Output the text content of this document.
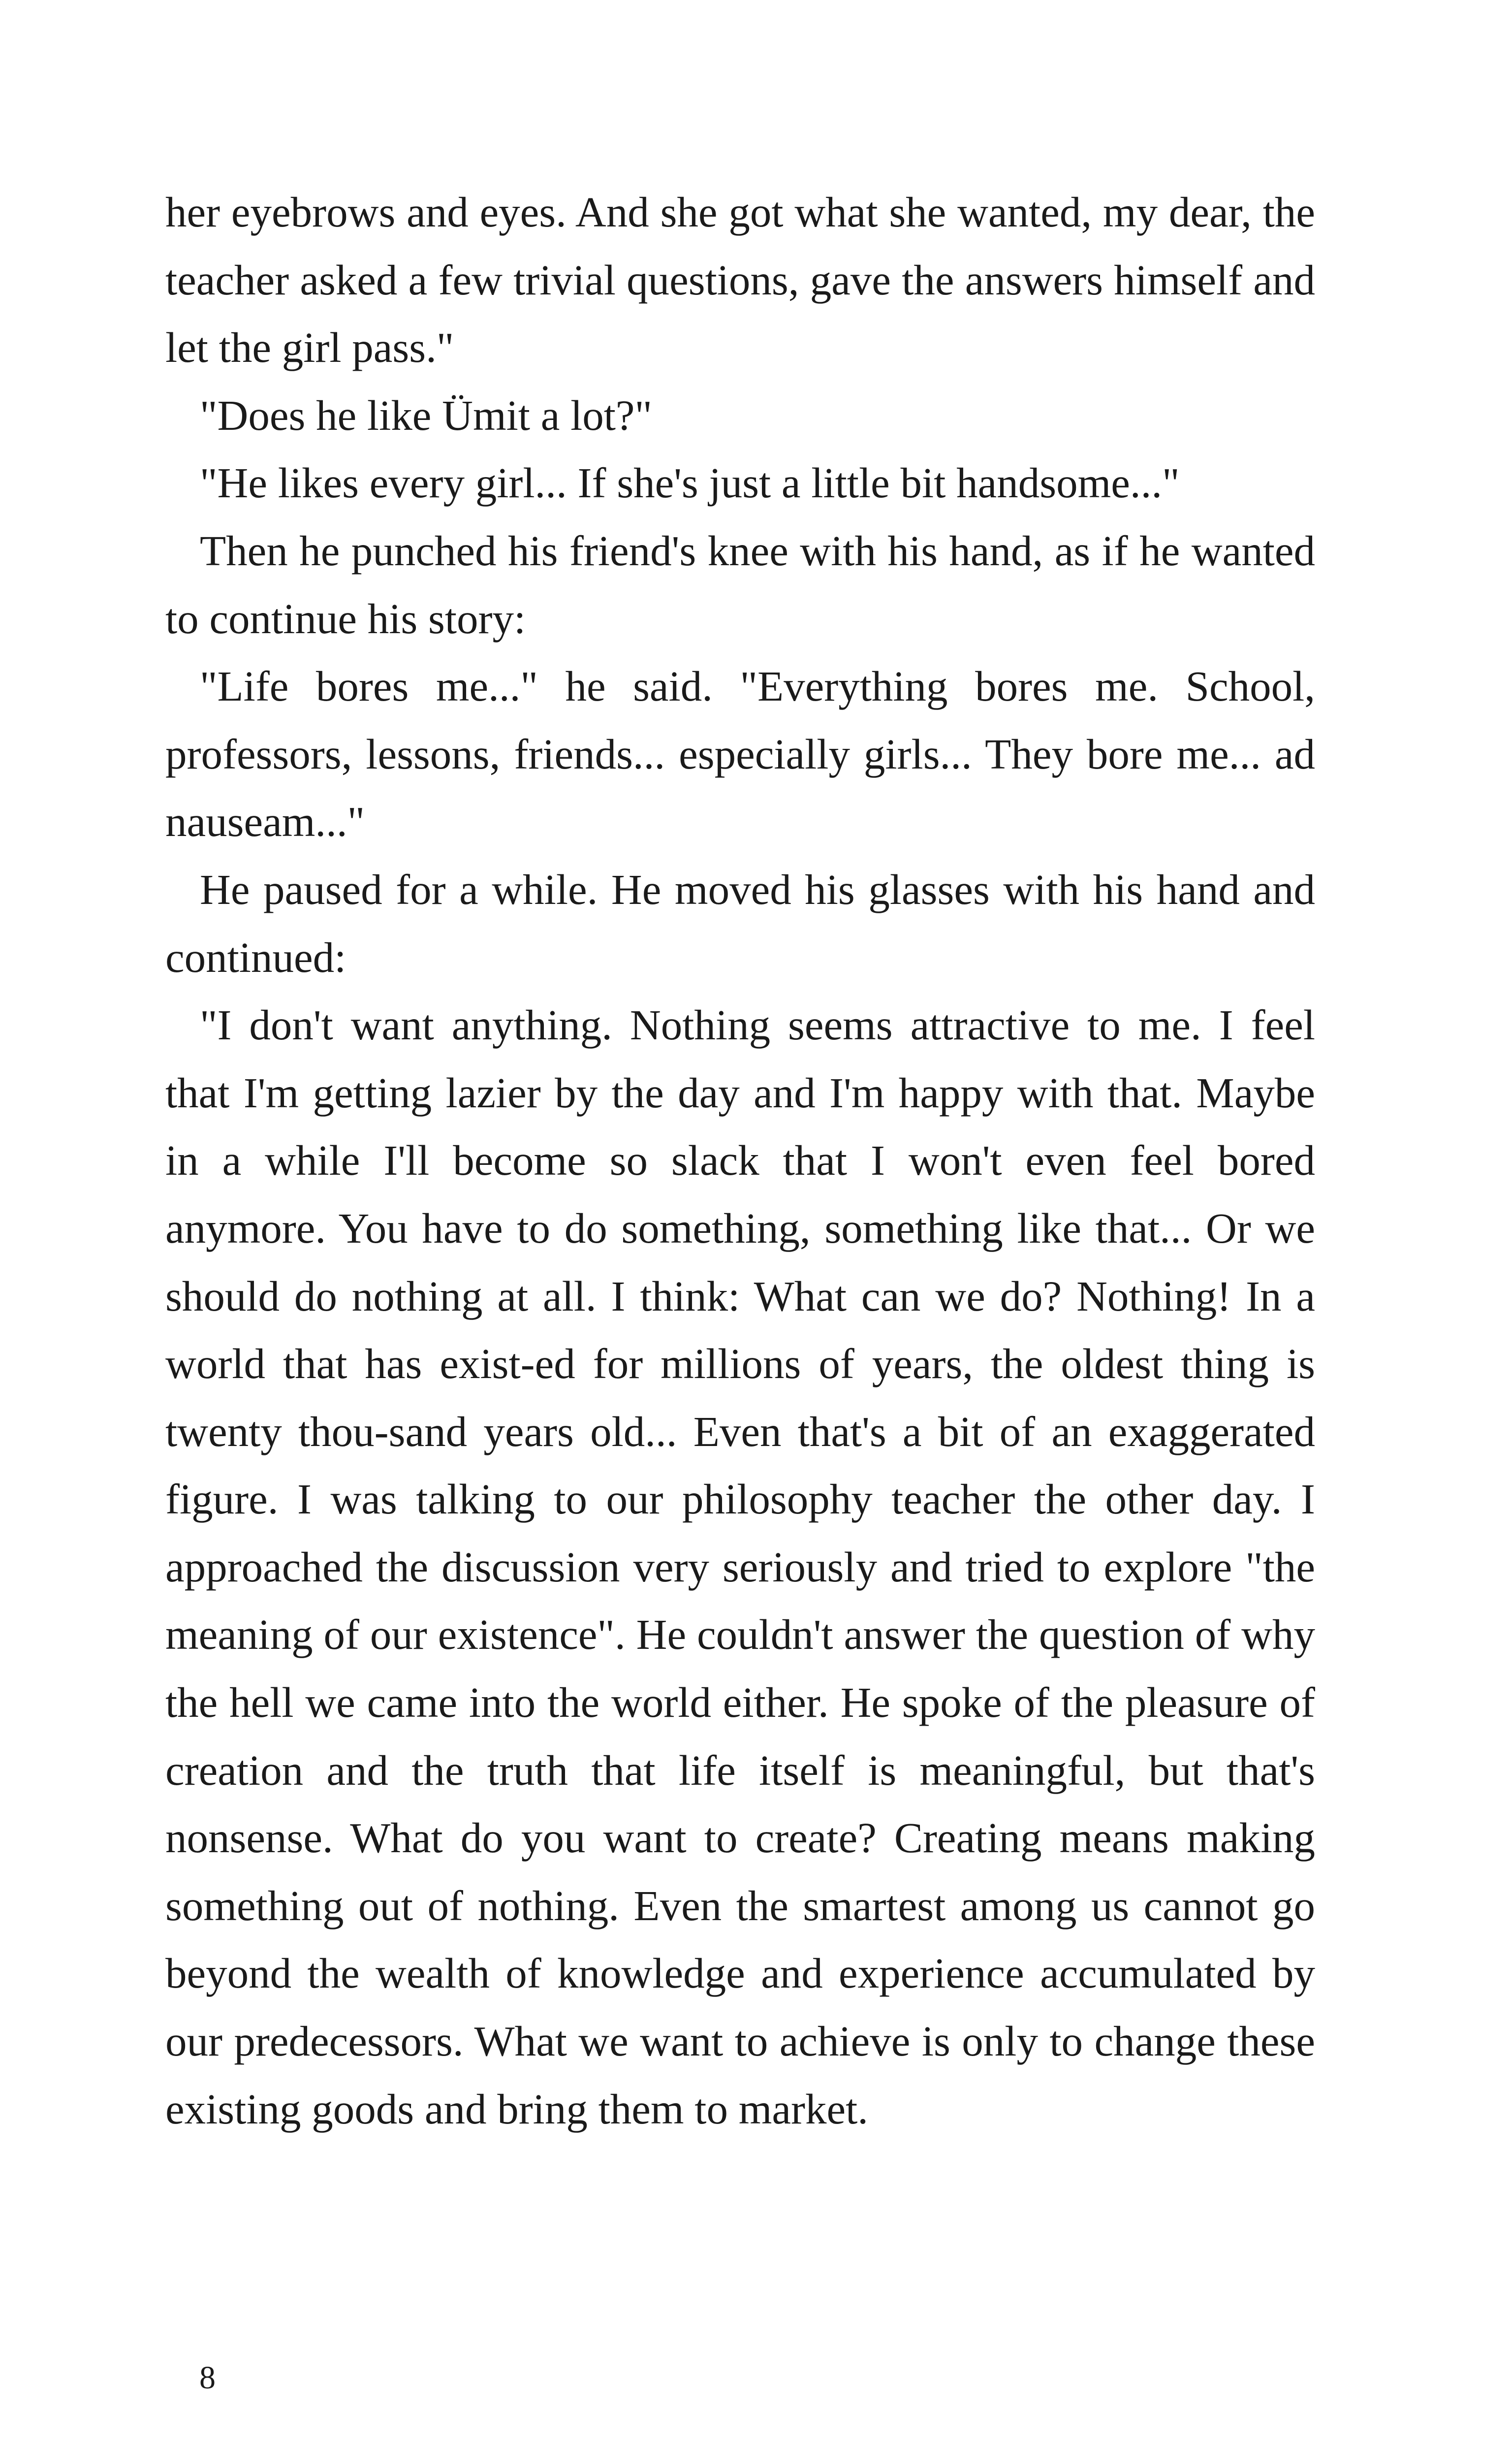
her eyebrows and eyes. And she got what she wanted, my dear, the teacher asked a few trivial questions, gave the answers himself and let the girl pass."

"Does he like Ümit a lot?"

"He likes every girl... If she's just a little bit handsome..."

Then he punched his friend's knee with his hand, as if he wanted to continue his story:

"Life bores me..." he said. "Everything bores me. School, professors, lessons, friends... especially girls... They bore me... ad nauseam..."

He paused for a while. He moved his glasses with his hand and continued:

"I don't want anything. Nothing seems attractive to me. I feel that I'm getting lazier by the day and I'm happy with that. Maybe in a while I'll become so slack that I won't even feel bored anymore. You have to do something, something like that... Or we should do nothing at all. I think: What can we do? Nothing! In a world that has exist-ed for millions of years, the oldest thing is twenty thou-sand years old... Even that's a bit of an exaggerated figure. I was talking to our philosophy teacher the other day. I approached the discussion very seriously and tried to explore "the meaning of our existence". He couldn't answer the question of why the hell we came into the world either. He spoke of the pleasure of creation and the truth that life itself is meaningful, but that's nonsense. What do you want to create? Creating means making something out of nothing. Even the smartest among us cannot go beyond the wealth of knowledge and experience accumulated by our predecessors. What we want to achieve is only to change these existing goods and bring them to market.

8
